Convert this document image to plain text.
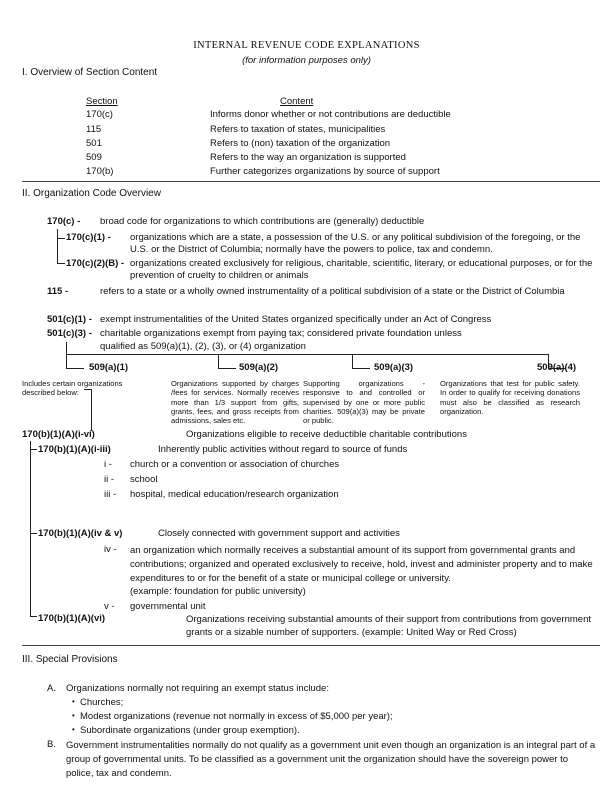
INTERNAL REVENUE CODE EXPLANATIONS
(for information purposes only)
I. Overview of Section Content
Section	Content
170(c)	Informs donor whether or not contributions are deductible
115	Refers to taxation of states, municipalities
501	Refers to (non) taxation of the organization
509	Refers to the way an organization is supported
170(b)	Further categorizes organizations by source of support
II. Organization Code Overview
170(c) - broad code for organizations to which contributions are (generally) deductible
170(c)(1) - organizations which are a state, a possession of the U.S. or any political subdivision of the foregoing, or the U.S. or the District of Columbia; normally have the powers to police, tax and condemn.
170(c)(2)(B) - organizations created exclusively for religious, charitable, scientific, literary, or educational purposes, or for the prevention of cruelty to children or animals
115 -	refers to a state or a wholly owned instrumentality of a political subdivision of a state or the District of Columbia
501(c)(1) - exempt instrumentalities of the United States organized specifically under an Act of Congress
501(c)(3) - charitable organizations exempt from paying tax; considered private foundation unless
qualified as 509(a)(1), (2), (3), or (4) organization
509(a)(1)	509(a)(2)	509(a)(3)	509(a)(4)
Includes certain organizations described below:
Organizations supported by charges /fees for services. Normally receives more than 1/3 support from gifts, grants, fees, and gross receipts from admissions, sales etc.
Supporting organizations - responsive to and controlled or supervised by one or more public charities. 509(a)(3) may be private or public.
Organizations that test for public safety. In order to qualify for receiving donations must also be classified as research organization.
170(b)(1)(A)(i-vi)	Organizations eligible to receive deductible charitable contributions
170(b)(1)(A)(i-iii)	Inherently public activities without regard to source of funds
i - church or a convention or association of churches
ii - school
iii - hospital, medical education/research organization
170(b)(1)(A)(iv & v)	Closely connected with government support and activities
iv - an organization which normally receives a substantial amount of its support from governmental grants and contributions; organized and operated exclusively to receive, hold, invest and administer property and to make expenditures to or for the benefit of a state or municipal college or university.
(example: foundation for public university)
v - governmental unit
170(b)(1)(A)(vi)	Organizations receiving substantial amounts of their support from contributions from government grants or a sizable number of supporters. (example: United Way or Red Cross)
III. Special Provisions
A. Organizations normally not requiring an exempt status include:
• Churches;
• Modest organizations (revenue not normally in excess of $5,000 per year);
• Subordinate organizations (under group exemption).
B. Government instrumentalities normally do not qualify as a government unit even though an organization is an integral part of a group of governmental units. To be classified as a government unit the organization should have the sovereign power to police, tax and condemn.
